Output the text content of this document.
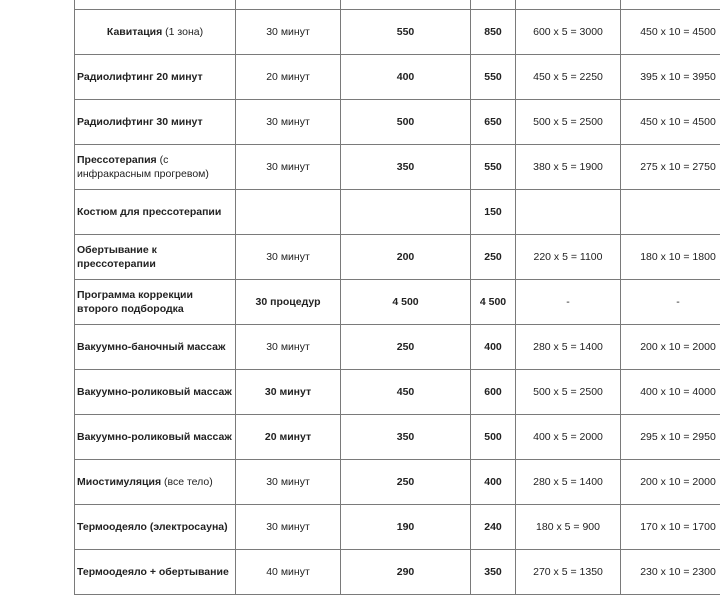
Кавитация (1 зона)	30 минут	550	850	600 х 5 = 3000	450 х 10 = 4500
Радиолифтинг 20 минут	20 минут	400	550	450 х 5 = 2250	395 х 10 = 3950
Радиолифтинг 30 минут	30 минут	500	650	500 х 5 = 2500	450 х 10 = 4500
Прессотерапия (с инфракрасным прогревом)	30 минут	350	550	380 х 5 = 1900	275 х 10 = 2750
Костюм для прессотерапии			150		
Обертывание к прессотерапии	30 минут	200	250	220 х 5 = 1100	180 х 10 = 1800
Программа коррекции второго подбородка	30 процедур	4 500	4 500	-	-
Вакуумно-баночный массаж	30 минут	250	400	280 х 5 = 1400	200 х 10 = 2000
Вакуумно-роликовый массаж	30 минут	450	600	500 х 5 = 2500	400 х 10 = 4000
Вакуумно-роликовый массаж	20 минут	350	500	400 х 5 = 2000	295 х 10 = 2950
Миостимуляция (все тело)	30 минут	250	400	280 х 5 = 1400	200 х 10 = 2000
Термоодеяло (электросауна)	30 минут	190	240	180 х 5 = 900	170 х 10 = 1700
Термоодеяло + обертывание	40 минут	290	350	270 х 5 = 1350	230 х 10 = 2300
